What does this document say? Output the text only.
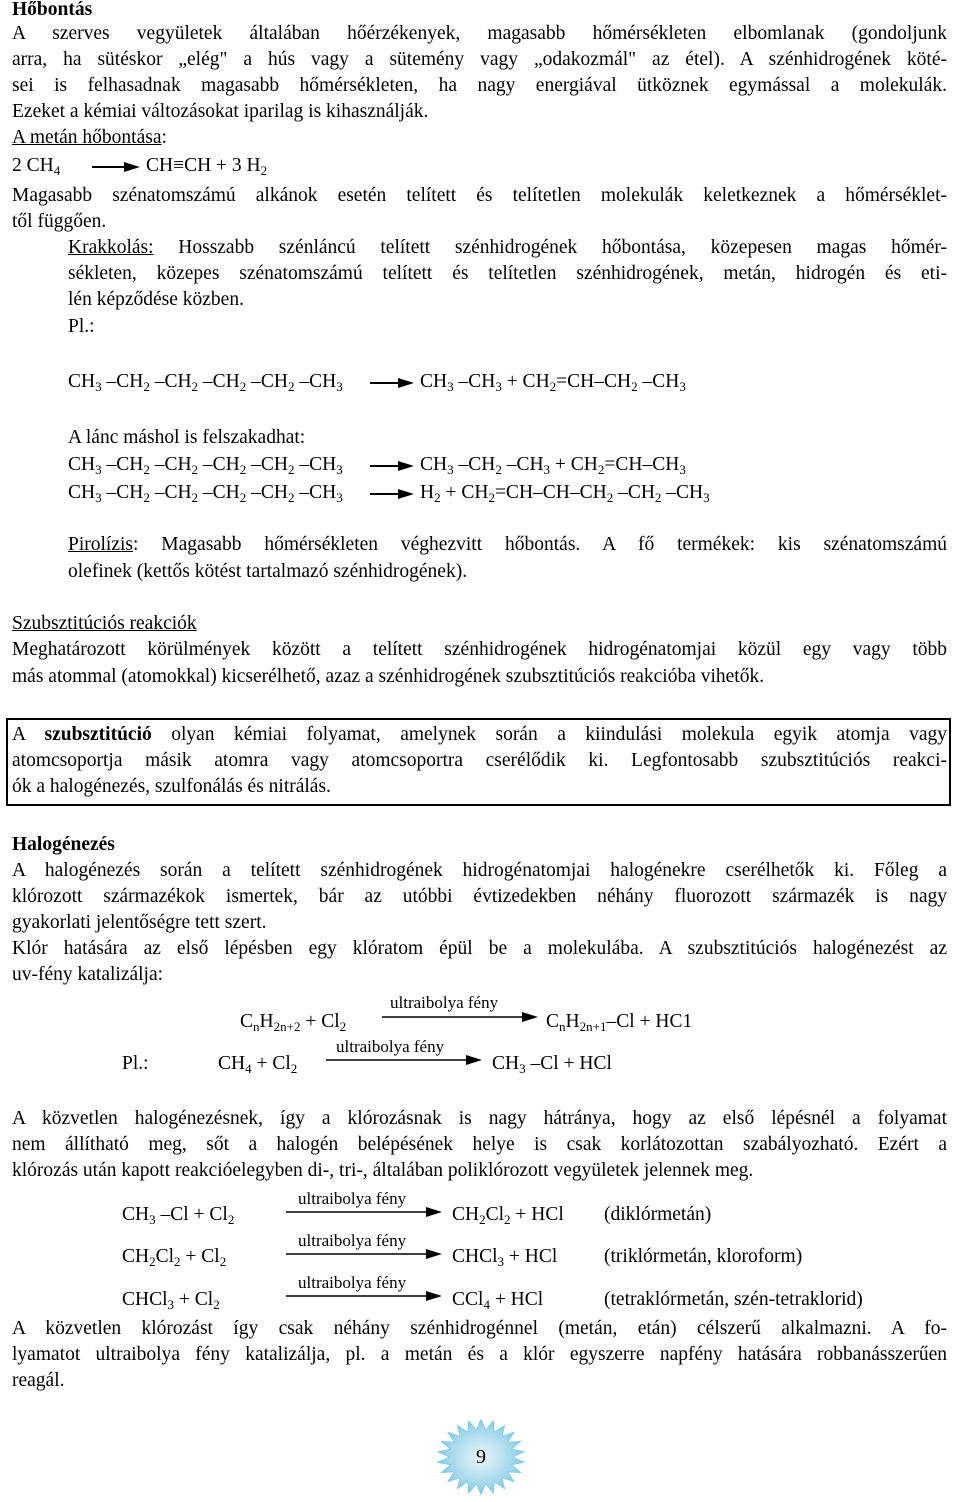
Hőbontás
A szerves vegyületek általában hőérzékenyek, magasabb hőmérsékleten elbomlanak (gondoljunk
arra, ha sütéskor „elég" a hús vagy a sütemény vagy „odakozmál" az étel). A szénhidrogének köté-
sei is felhasadnak magasabb hőmérsékleten, ha nagy energiával ütköznek egymással a molekulák.
Ezeket a kémiai változásokat iparilag is kihasználják.
A metán hőbontása:
2 $CH_4 \to CH\equiv CH + 3$ $H_2$
Magasabb szénatomszámú alkánok esetén telített és telítetlen molekulák keletkeznek a hőmérséklet-
től függően.
Krakkolás: Hosszabb szénláncú telített szénhidrogének hőbontása, közepesen magas hőmér-
sékleten, közepes szénatomszámú telített és telítetlen szénhidrogének, metán, hidrogén és eti-
lén képződése közben.
Pl.:
$CH_3$ $-CH_2$ $-CH_2$ $-CH_2$ $-CH_2$ $-CH_3 \to CH_3$ $-CH_3 + CH_2=CH-CH_2$ $-CH_3$
A lánc máshol is felszakadhat:
$CH_3$ $-CH_2$ $-CH_2$ $-CH_2$ $-CH_2$ $-CH_3 \to CH_3$ $-CH_2$ $-CH_3 + CH_2=CH-CH_3$
$CH_3$ $-CH_2$ $-CH_2$ $-CH_2$ $-CH_2$ $-CH_3 \to H_2 + CH_2=CH-CH-CH_2$ $-CH_2$ $-CH_3$
Pirolízis: Magasabb hőmérsékleten véghezvitt hőbontás. A fő termékek: kis szénatomszámú
olefinek (kettős kötést tartalmazó szénhidrogének).
Szubsztitúciós reakciók
Meghatározott körülmények között a telített szénhidrogének hidrogénatomjai közül egy vagy több
más atommal (atomokkal) kicserélhető, azaz a szénhidrogének szubsztitúciós reakcióba vihetők.
A szubsztitúció olyan kémiai folyamat, amelynek során a kiindulási molekula egyik atomja vagy
atomcsoportja másik atomra vagy atomcsoportra cserélődik ki. Legfontosabb szubsztitúciós reakci-
ók a halogénezés, szulfonálás és nitrálás.
Halogénezés
A halogénezés során a telített szénhidrogének hidrogénatomjai halogénekre cserélhetők ki. Főleg a
klórozott származékok ismertek, bár az utóbbi évtizedekben néhány fluorozott származék is nagy
gyakorlati jelentőségre tett szert.
Klór hatására az első lépésben egy klóratom épül be a molekulába. A szubsztitúciós halogénezést az
uv-fény katalizálja:
ultraibolya fény
$C_nH_{2n+2} + Cl_2$	$C_nH_{2n+1}-Cl + HC1$
ultraibolya fény
Pl.:	$CH_4 + Cl_2$	$CH_3$ –Cl + HCl
A közvetlen halogénezésnek, így a klórozásnak is nagy hátránya, hogy az első lépésnél a folyamat
nem állítható meg, sőt a halogén belépésének helye is csak korlátozottan szabályozható. Ezért a
klórozás után kapott reakcióelegyben di-, tri-, általában poliklórozott vegyületek jelennek meg.
ultraibolya fény
$CH_3$ $-Cl + Cl_2$	$CH_2Cl_2$ + HCl (diklórmetán)
ultraibolya fény
$CH_2Cl_2 + Cl_2$	CHCl$_3$ + HCl (triklórmetán, kloroform)
ultraibolya fény
CHCl$_3$ + $Cl_2$	CCl$_4$ + HCl	(tetraklórmetán, szén-tetraklorid)
A közvetlen klórozást így csak néhány szénhidrogénnel (metán, etán) célszerű alkalmazni. A fo-
lyamatot ultraibolya fény katalizálja, pl. a metán és a klór egyszerre napfény hatására robbanásszerűen
reagál.
9
